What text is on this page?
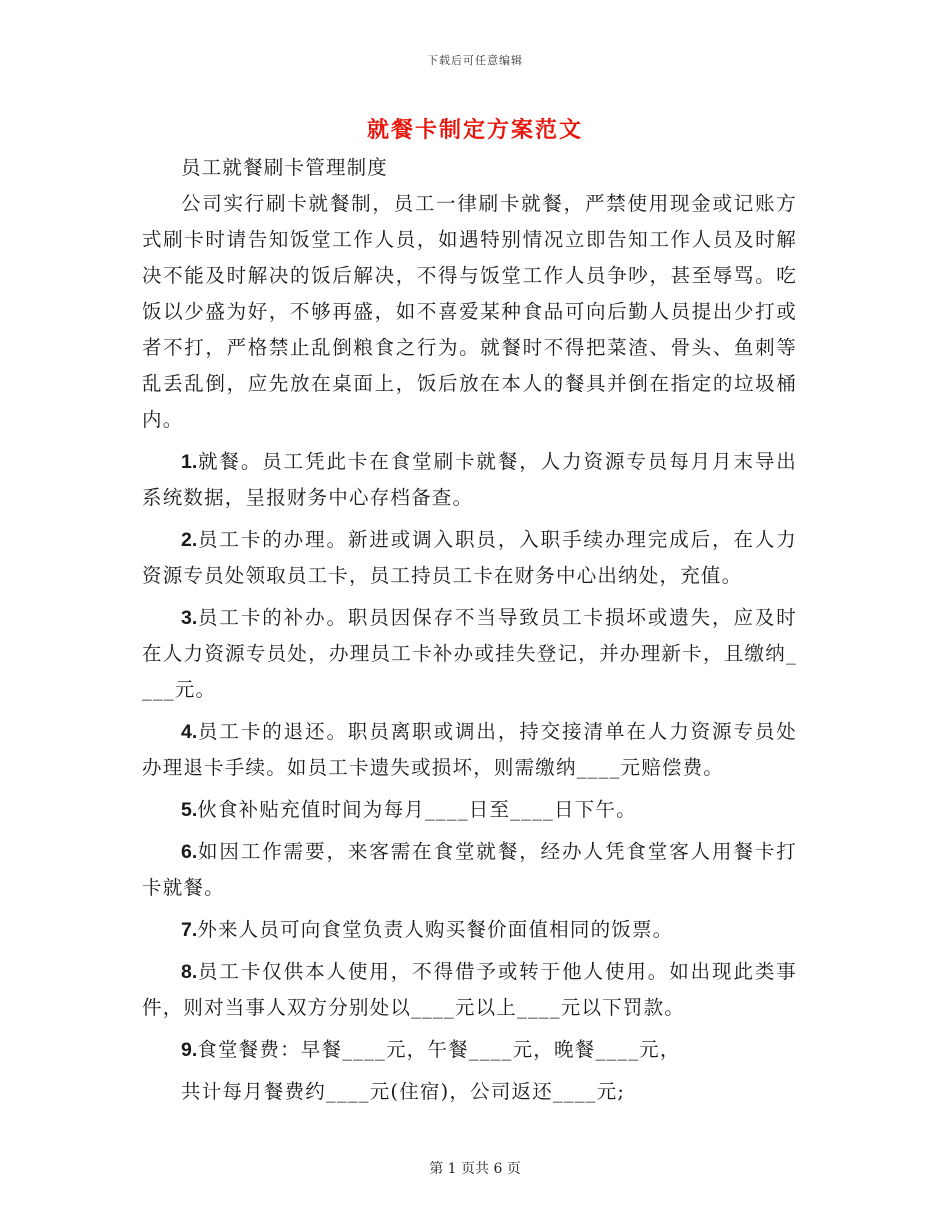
下载后可任意编辑
就餐卡制定方案范文

员工就餐刷卡管理制度

公司实行刷卡就餐制，员工一律刷卡就餐，严禁使用现金或记账方式刷卡时请告知饭堂工作人员，如遇特别情况立即告知工作人员及时解决不能及时解决的饭后解决，不得与饭堂工作人员争吵，甚至辱骂。吃饭以少盛为好，不够再盛，如不喜爱某种食品可向后勤人员提出少打或者不打，严格禁止乱倒粮食之行为。就餐时不得把菜渣、骨头、鱼刺等乱丢乱倒，应先放在桌面上，饭后放在本人的餐具并倒在指定的垃圾桶内。

1.就餐。员工凭此卡在食堂刷卡就餐，人力资源专员每月月末导出系统数据，呈报财务中心存档备查。

2.员工卡的办理。新进或调入职员，入职手续办理完成后，在人力资源专员处领取员工卡，员工持员工卡在财务中心出纳处，充值。

3.员工卡的补办。职员因保存不当导致员工卡损坏或遗失，应及时在人力资源专员处，办理员工卡补办或挂失登记，并办理新卡，且缴纳____元。

4.员工卡的退还。职员离职或调出，持交接清单在人力资源专员处办理退卡手续。如员工卡遗失或损坏，则需缴纳____元赔偿费。

5.伙食补贴充值时间为每月____日至____日下午。

6.如因工作需要，来客需在食堂就餐，经办人凭食堂客人用餐卡打卡就餐。

7.外来人员可向食堂负责人购买餐价面值相同的饭票。

8.员工卡仅供本人使用，不得借予或转于他人使用。如出现此类事件，则对当事人双方分别处以____元以上____元以下罚款。

9.食堂餐费：早餐____元，午餐____元，晚餐____元，

共计每月餐费约____元(住宿)，公司返还____元;

第 1 页共 6 页
